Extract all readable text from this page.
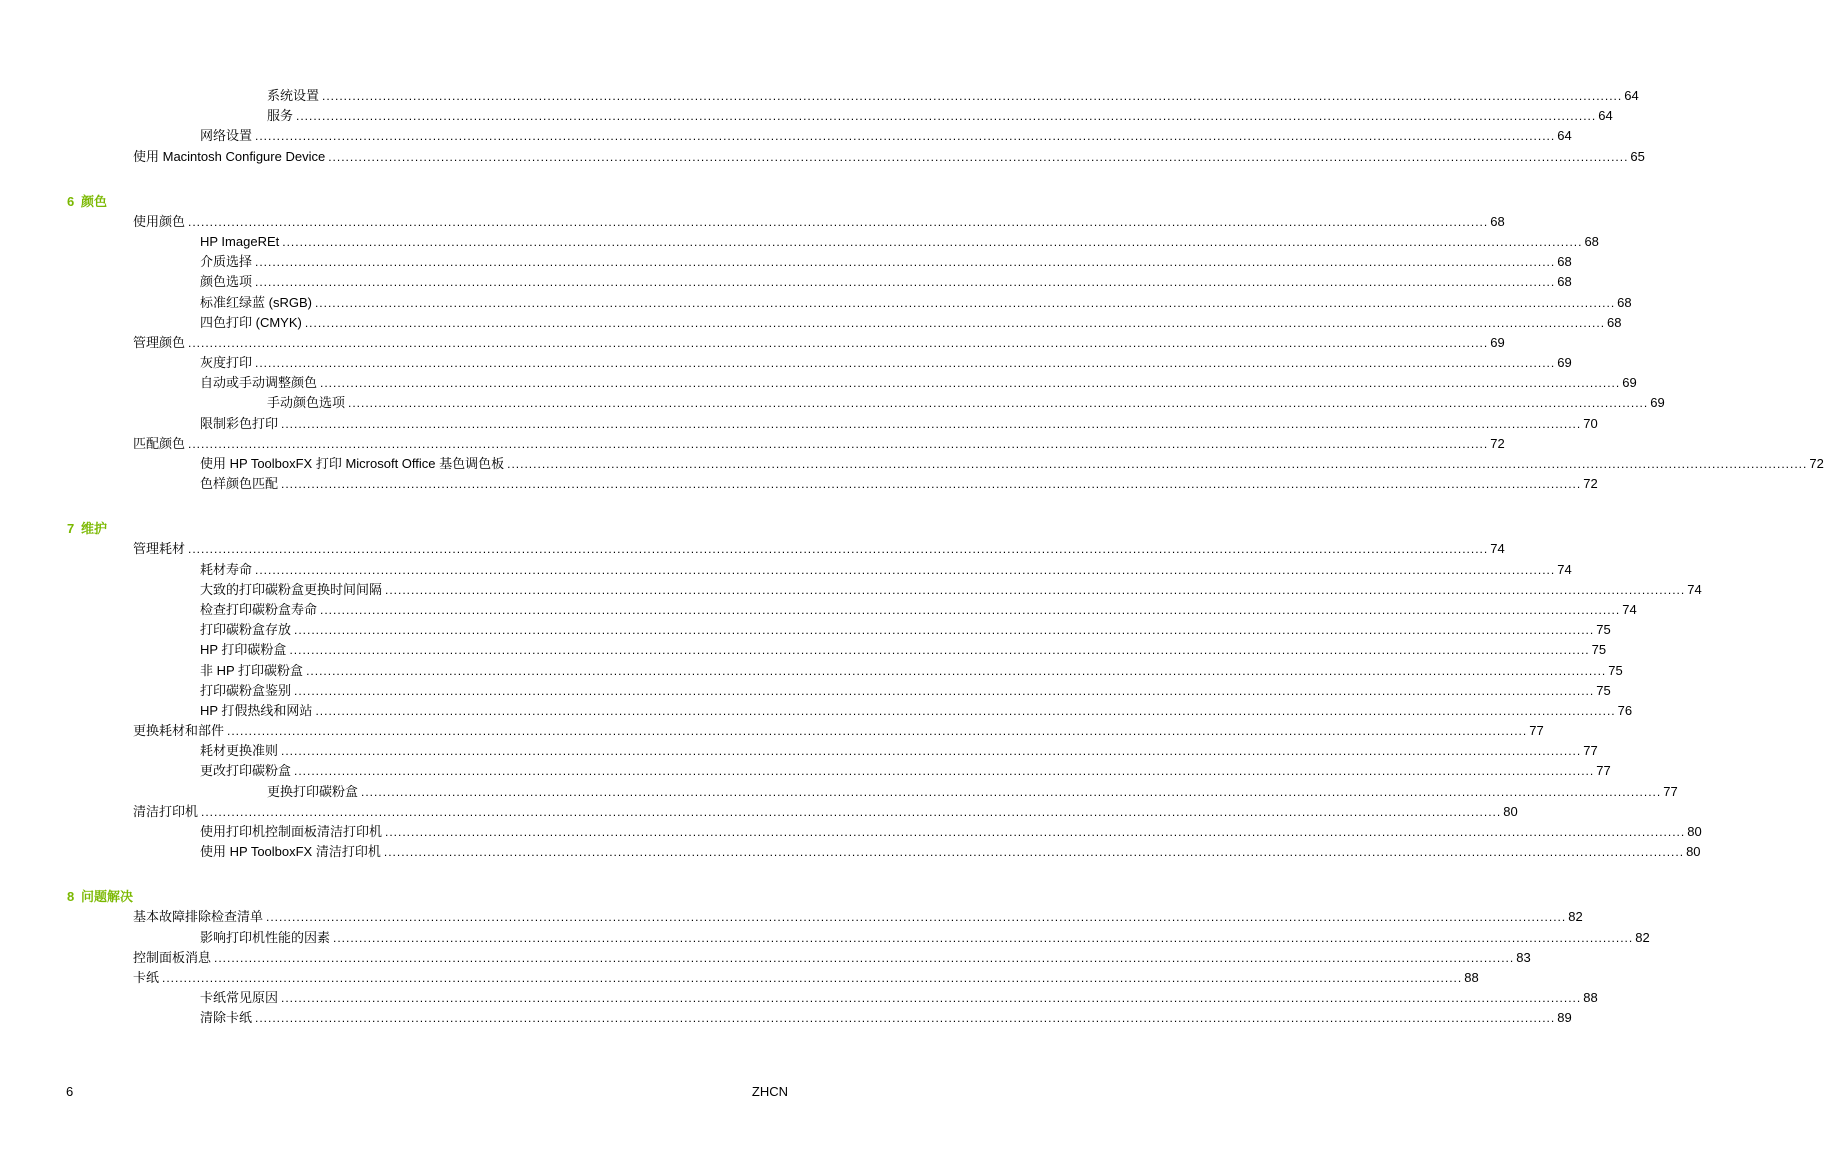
系统设置 ............................................................................................................................................................................................................................................................................................................ 64
服务 ............................................................................................................................................................................................................................................................................................................ 64
网络设置 ............................................................................................................................................................................................................................................................................................................ 64
使用 Macintosh Configure Device ............................................................................................................................................................................................................................................................................................................ 65
6 颜色
使用颜色 ............................................................................................................................................................................................................................................................................................................ 68
HP ImageREt ............................................................................................................................................................................................................................................................................................................ 68
介质选择 ............................................................................................................................................................................................................................................................................................................ 68
颜色选项 ............................................................................................................................................................................................................................................................................................................ 68
标准红绿蓝 (sRGB) ............................................................................................................................................................................................................................................................................................................ 68
四色打印 (CMYK) ............................................................................................................................................................................................................................................................................................................ 68
管理颜色 ............................................................................................................................................................................................................................................................................................................ 69
灰度打印 ............................................................................................................................................................................................................................................................................................................ 69
自动或手动调整颜色 ............................................................................................................................................................................................................................................................................................................ 69
手动颜色选项 ............................................................................................................................................................................................................................................................................................................ 69
限制彩色打印 ............................................................................................................................................................................................................................................................................................................ 70
匹配颜色 ............................................................................................................................................................................................................................................................................................................ 72
使用 HP ToolboxFX 打印 Microsoft Office 基色调色板 ............................................................................................................................................................................................................................................................................................................ 72
色样颜色匹配 ............................................................................................................................................................................................................................................................................................................ 72
7 维护
管理耗材 ............................................................................................................................................................................................................................................................................................................ 74
耗材寿命 ............................................................................................................................................................................................................................................................................................................ 74
大致的打印碳粉盒更换时间间隔 ............................................................................................................................................................................................................................................................................................................ 74
检查打印碳粉盒寿命 ............................................................................................................................................................................................................................................................................................................ 74
打印碳粉盒存放 ............................................................................................................................................................................................................................................................................................................ 75
HP 打印碳粉盒 ............................................................................................................................................................................................................................................................................................................ 75
非 HP 打印碳粉盒 ............................................................................................................................................................................................................................................................................................................ 75
打印碳粉盒鉴别 ............................................................................................................................................................................................................................................................................................................ 75
HP 打假热线和网站 ............................................................................................................................................................................................................................................................................................................ 76
更换耗材和部件 ............................................................................................................................................................................................................................................................................................................ 77
耗材更换准则 ............................................................................................................................................................................................................................................................................................................ 77
更改打印碳粉盒 ............................................................................................................................................................................................................................................................................................................ 77
更换打印碳粉盒 ............................................................................................................................................................................................................................................................................................................ 77
清洁打印机 ............................................................................................................................................................................................................................................................................................................ 80
使用打印机控制面板清洁打印机 ............................................................................................................................................................................................................................................................................................................ 80
使用 HP ToolboxFX 清洁打印机 ............................................................................................................................................................................................................................................................................................................ 80
8 问题解决
基本故障排除检查清单 ............................................................................................................................................................................................................................................................................................................ 82
影响打印机性能的因素 ............................................................................................................................................................................................................................................................................................................ 82
控制面板消息 ............................................................................................................................................................................................................................................................................................................ 83
卡纸 ............................................................................................................................................................................................................................................................................................................ 88
卡纸常见原因 ............................................................................................................................................................................................................................................................................................................ 88
清除卡纸 ............................................................................................................................................................................................................................................................................................................ 89
6	ZHCN
